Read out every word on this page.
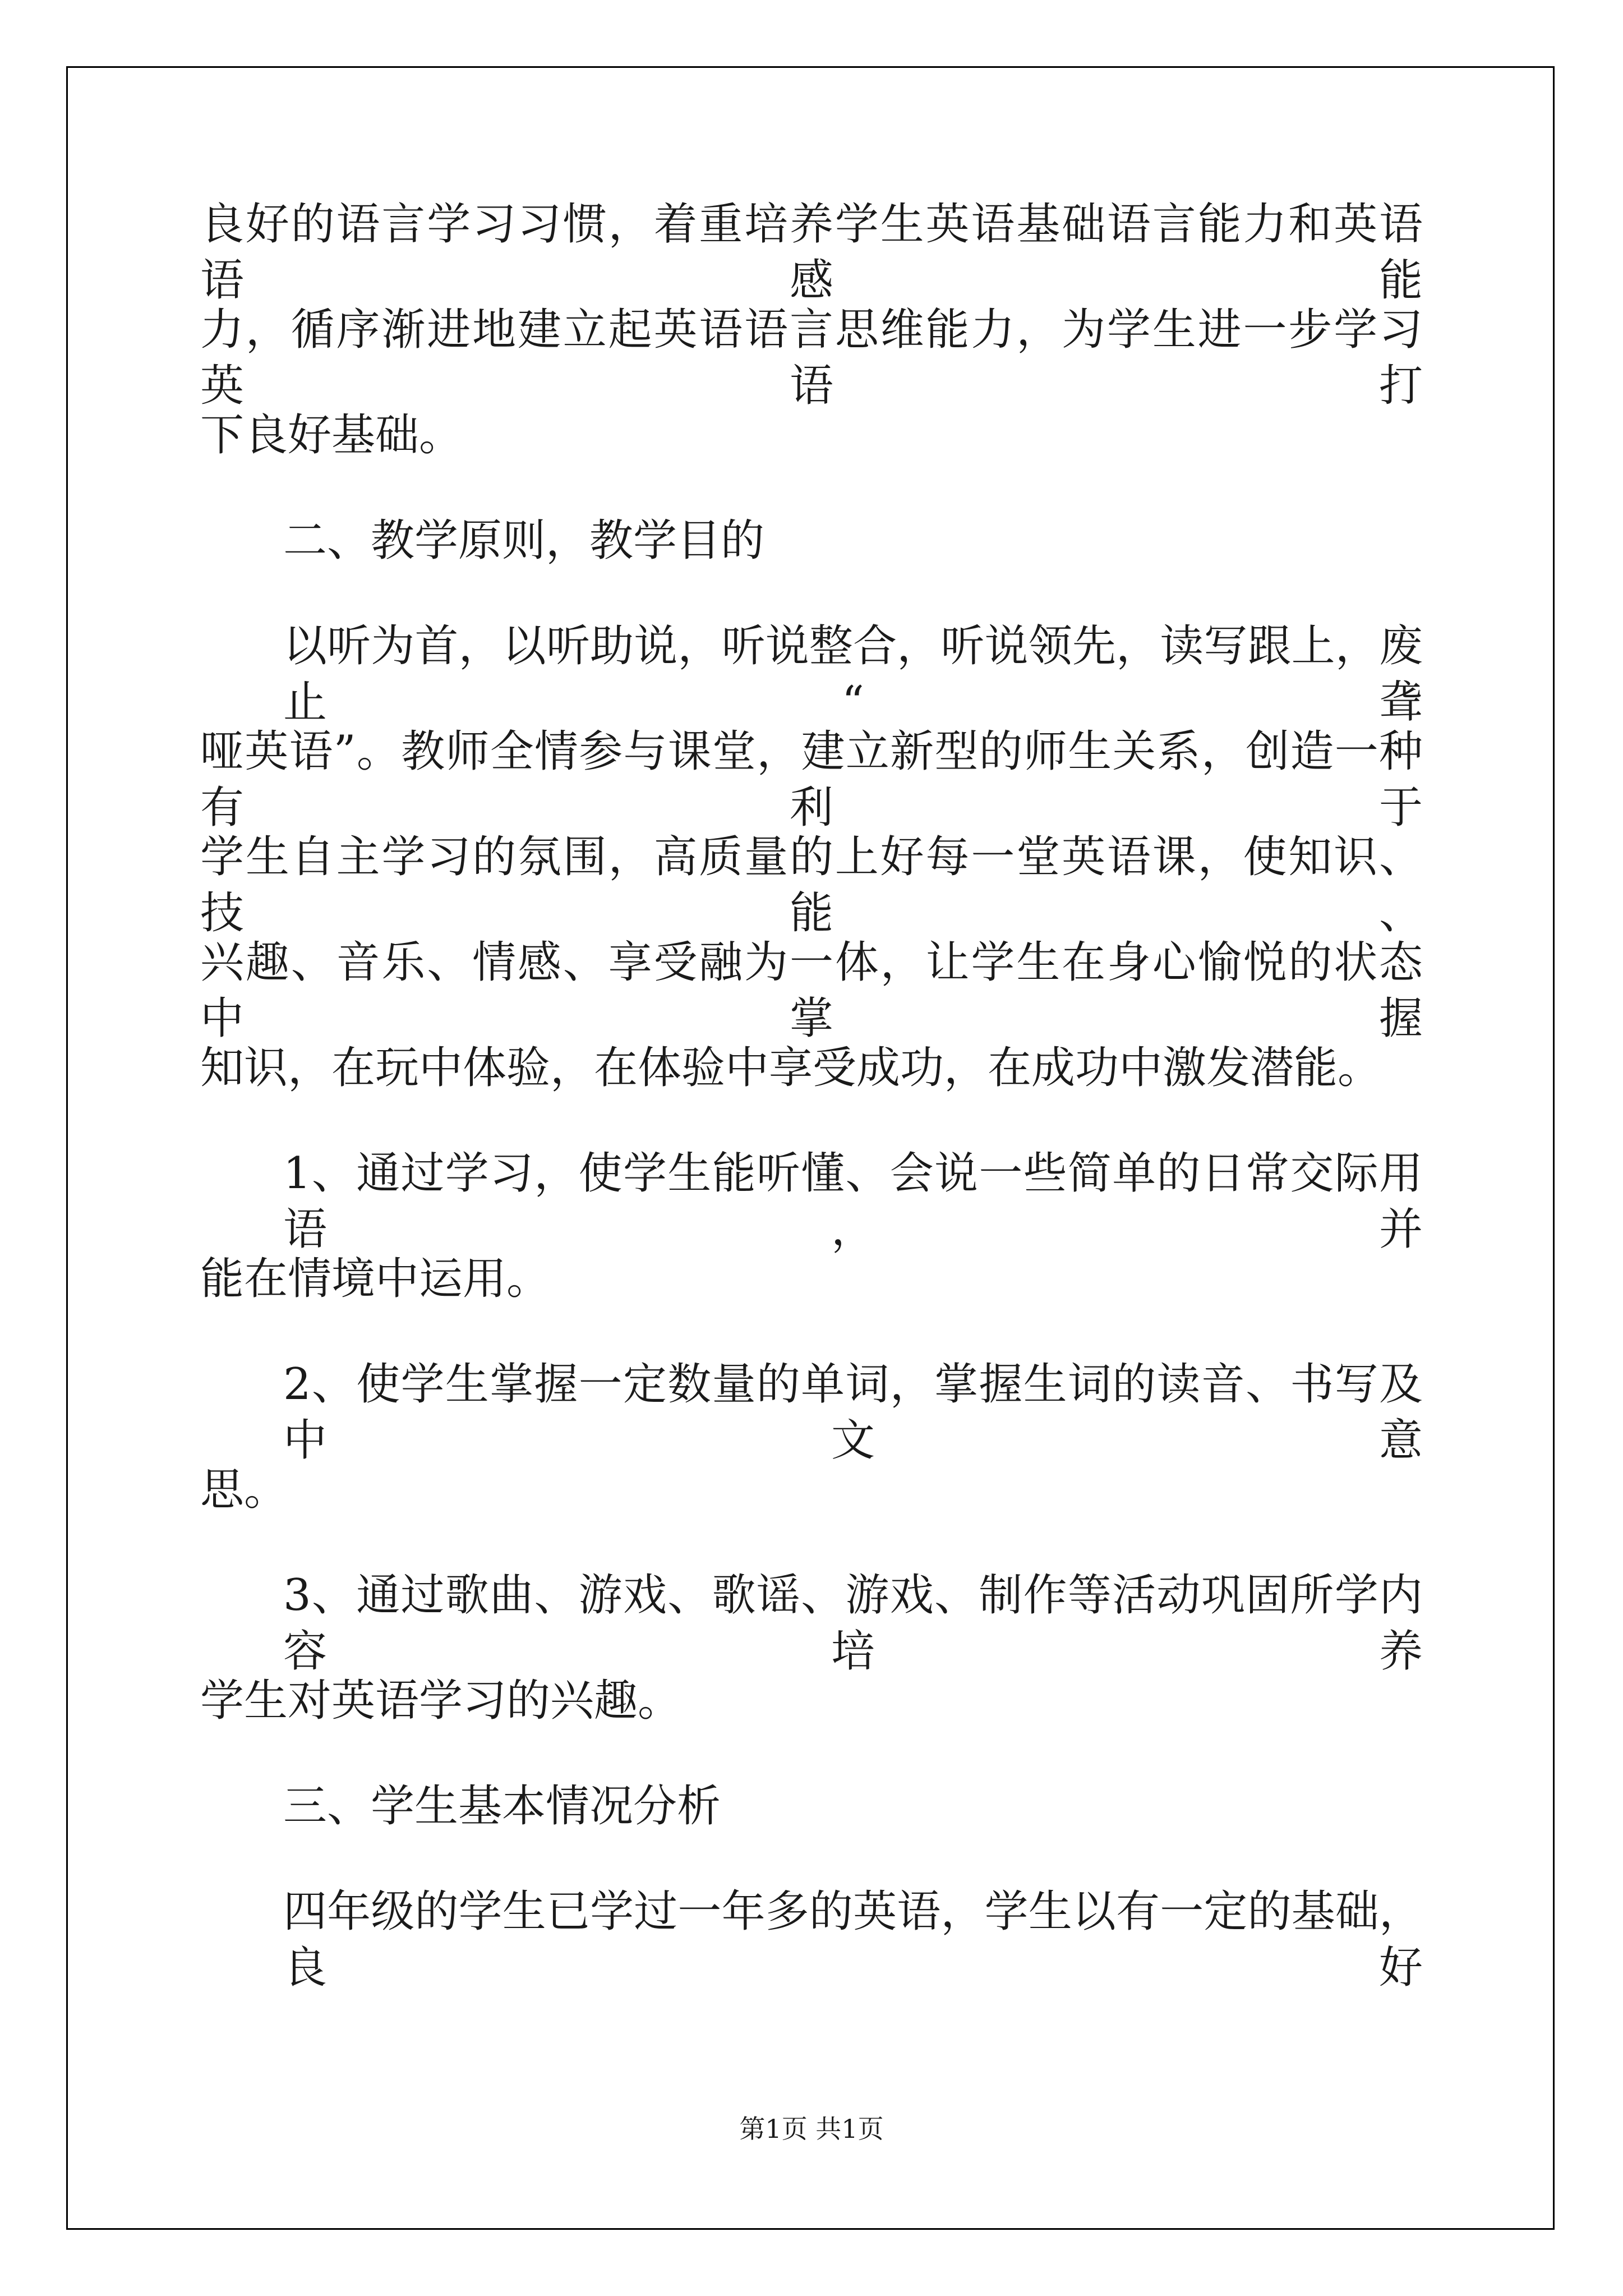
良好的语言学习习惯，着重培养学生英语基础语言能力和英语语感能
力，循序渐进地建立起英语语言思维能力，为学生进一步学习英语打
下良好基础。
二、教学原则，教学目的
以听为首，以听助说，听说整合，听说领先，读写跟上，废止“聋
哑英语”。教师全情参与课堂，建立新型的师生关系，创造一种有利于
学生自主学习的氛围，高质量的上好每一堂英语课，使知识、技能、
兴趣、音乐、情感、享受融为一体，让学生在身心愉悦的状态中掌握
知识，在玩中体验，在体验中享受成功，在成功中激发潜能。
1、通过学习，使学生能听懂、会说一些简单的日常交际用语，并
能在情境中运用。
2、使学生掌握一定数量的单词，掌握生词的读音、书写及中文意
思。
3、通过歌曲、游戏、歌谣、游戏、制作等活动巩固所学内容培养
学生对英语学习的兴趣。
三、学生基本情况分析
四年级的学生已学过一年多的英语，学生以有一定的基础，良好
第1页 共1页
